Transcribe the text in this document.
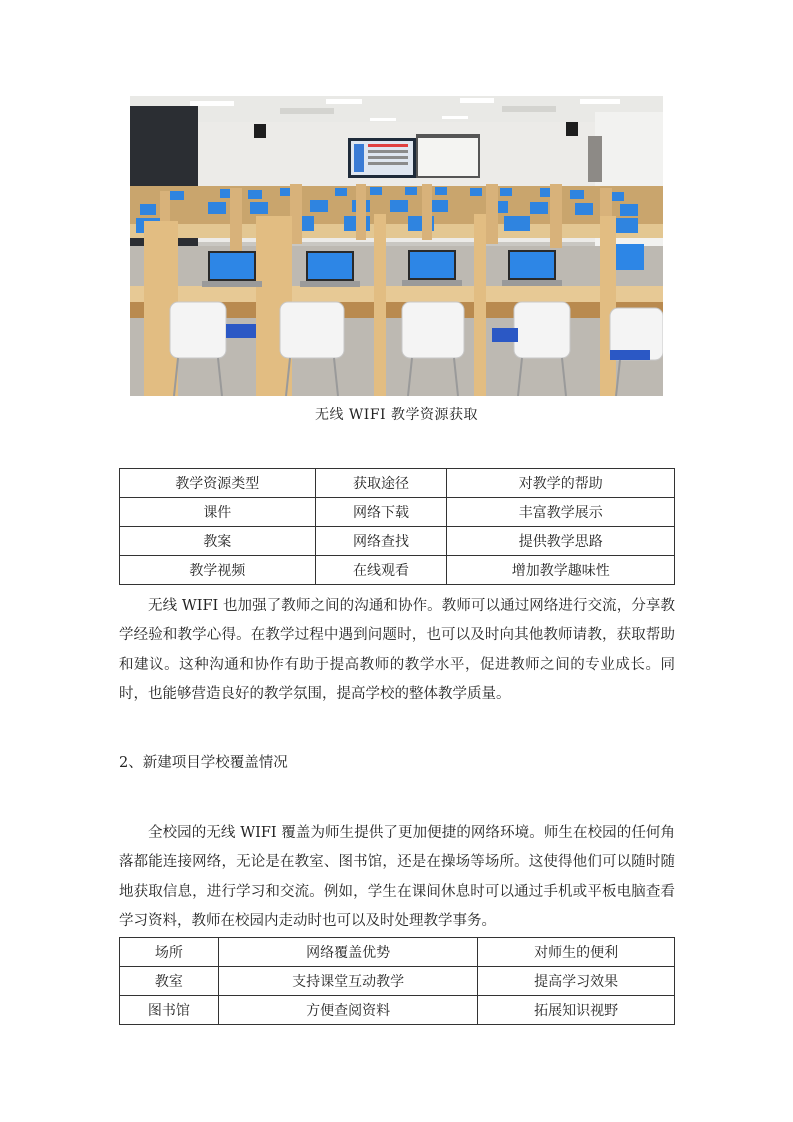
无线 WIFI 教学资源获取
教学资源类型	获取途径	对教学的帮助
课件	网络下载	丰富教学展示
教案	网络查找	提供教学思路
教学视频	在线观看	增加教学趣味性

无线 WIFI 也加强了教师之间的沟通和协作。教师可以通过网络进行交流，分享教学经验和教学心得。在教学过程中遇到问题时，也可以及时向其他教师请教，获取帮助和建议。这种沟通和协作有助于提高教师的教学水平，促进教师之间的专业成长。同时，也能够营造良好的教学氛围，提高学校的整体教学质量。

2、新建项目学校覆盖情况

全校园的无线 WIFI 覆盖为师生提供了更加便捷的网络环境。师生在校园的任何角落都能连接网络，无论是在教室、图书馆，还是在操场等场所。这使得他们可以随时随地获取信息，进行学习和交流。例如，学生在课间休息时可以通过手机或平板电脑查看学习资料，教师在校园内走动时也可以及时处理教学事务。

场所	网络覆盖优势	对师生的便利
教室	支持课堂互动教学	提高学习效果
图书馆	方便查阅资料	拓展知识视野
